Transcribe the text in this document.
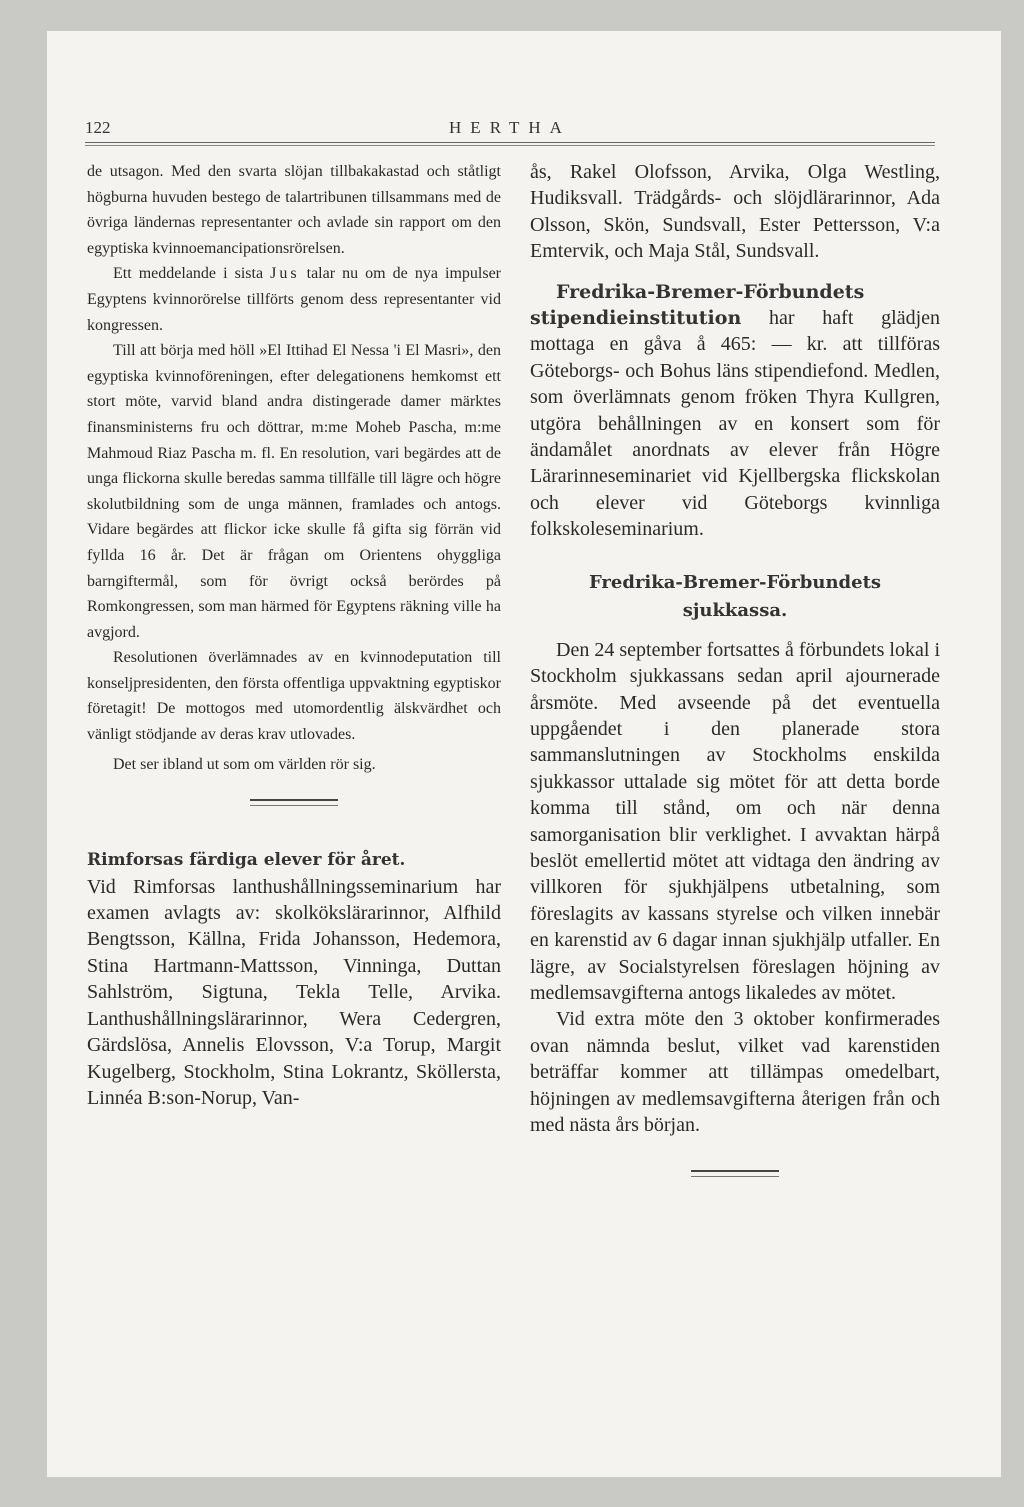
122	HERTHA

de utsagon. Med den svarta slöjan tillbakakastad och ståtligt högburna huvuden bestego de talartribunen tillsammans med de övriga ländernas representanter och avlade sin rapport om den egyptiska kvinnoemancipationsrörelsen.

Ett meddelande i sista Jus talar nu om de nya impulser Egyptens kvinnorörelse tillförts genom dess representanter vid kongressen.

Till att börja med höll »El Ittihad El Nessa 'i El Masri», den egyptiska kvinnoföreningen, efter delegationens hemkomst ett stort möte, varvid bland andra distingerade damer märktes finansministerns fru och döttrar, m:me Moheb Pascha, m:me Mahmoud Riaz Pascha m. fl. En resolution, vari begärdes att de unga flickorna skulle beredas samma tillfälle till lägre och högre skolutbildning som de unga männen, framlades och antogs. Vidare begärdes att flickor icke skulle få gifta sig förrän vid fyllda 16 år. Det är frågan om Orientens ohyggliga barngiftermål, som för övrigt också berördes på Romkongressen, som man härmed för Egyptens räkning ville ha avgjord.

Resolutionen överlämnades av en kvinnodeputation till konseljpresidenten, den första offentliga uppvaktning egyptiskor företagit! De mottogos med utomordentlig älskvärdhet och vänligt stödjande av deras krav utlovades.

Det ser ibland ut som om världen rör sig.

Rimforsas färdiga elever för året.

Vid Rimforsas lanthushållningsseminarium har examen avlagts av: skolkökslärarinnor, Alfhild Bengtsson, Källna, Frida Johansson, Hedemora, Stina Hartmann-Mattsson, Vinninga, Duttan Sahlström, Sigtuna, Tekla Telle, Arvika. Lanthushållningslärarinnor, Wera Cedergren, Gärdslösa, Annelis Elovsson, V:a Torup, Margit Kugelberg, Stockholm, Stina Lokrantz, Sköllersta, Linnéa B:son-Norup, Van-

ås, Rakel Olofsson, Arvika, Olga Westling, Hudiksvall. Trädgårds- och slöjdlärarinnor, Ada Olsson, Skön, Sundsvall, Ester Pettersson, V:a Emtervik, och Maja Stål, Sundsvall.

Fredrika-Bremer-Förbundets stipendieinstitution har haft glädjen mottaga en gåva å 465: — kr. att tillföras Göteborgs- och Bohus läns stipendiefond. Medlen, som överlämnats genom fröken Thyra Kullgren, utgöra behållningen av en konsert som för ändamålet anordnats av elever från Högre Lärarinneseminariet vid Kjellbergska flickskolan och elever vid Göteborgs kvinnliga folkskoleseminarium.

Fredrika-Bremer-Förbundets
sjukkassa.

Den 24 september fortsattes å förbundets lokal i Stockholm sjukkassans sedan april ajournerade årsmöte. Med avseende på det eventuella uppgåendet i den planerade stora sammanslutningen av Stockholms enskilda sjukkassor uttalade sig mötet för att detta borde komma till stånd, om och när denna samorganisation blir verklighet. I avvaktan härpå beslöt emellertid mötet att vidtaga den ändring av villkoren för sjukhjälpens utbetalning, som föreslagits av kassans styrelse och vilken innebär en karenstid av 6 dagar innan sjukhjälp utfaller. En lägre, av Socialstyrelsen föreslagen höjning av medlemsavgifterna antogs likaledes av mötet.

Vid extra möte den 3 oktober konfirmerades ovan nämnda beslut, vilket vad karenstiden beträffar kommer att tillämpas omedelbart, höjningen av medlemsavgifterna återigen från och med nästa års början.
